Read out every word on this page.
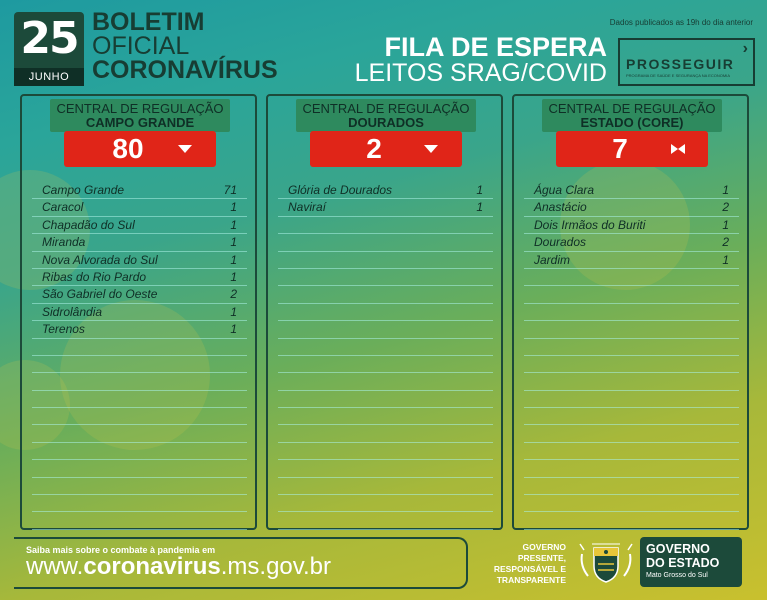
25
JUNHO
BOLETIM
OFICIAL
CORONAVÍRUS
Dados publicados as 19h do dia anterior
FILA DE ESPERA
LEITOS SRAG/COVID
›
PROSSEGUIR
PROGRAMA DE SAÚDE E SEGURANÇA NA ECONOMIA
CENTRAL DE REGULAÇÃO
CAMPO GRANDE
80
Campo Grande	71
Caracol	1
Chapadão do Sul	1
Miranda	1
Nova Alvorada do Sul	1
Ribas do Rio Pardo	1
São Gabriel do Oeste	2
Sidrolândia	1
Terenos	1
CENTRAL DE REGULAÇÃO
DOURADOS
2
Glória de Dourados	1
Naviraí	1
CENTRAL DE REGULAÇÃO
ESTADO (CORE)
7
Água Clara	1
Anastácio	2
Dois Irmãos do Buriti	1
Dourados	2
Jardim	1
Saiba mais sobre o combate à pandemia em
www.coronavirus.ms.gov.br
GOVERNO
PRESENTE,
RESPONSÁVEL E
TRANSPARENTE
GOVERNO
DO ESTADO
Mato Grosso do Sul
